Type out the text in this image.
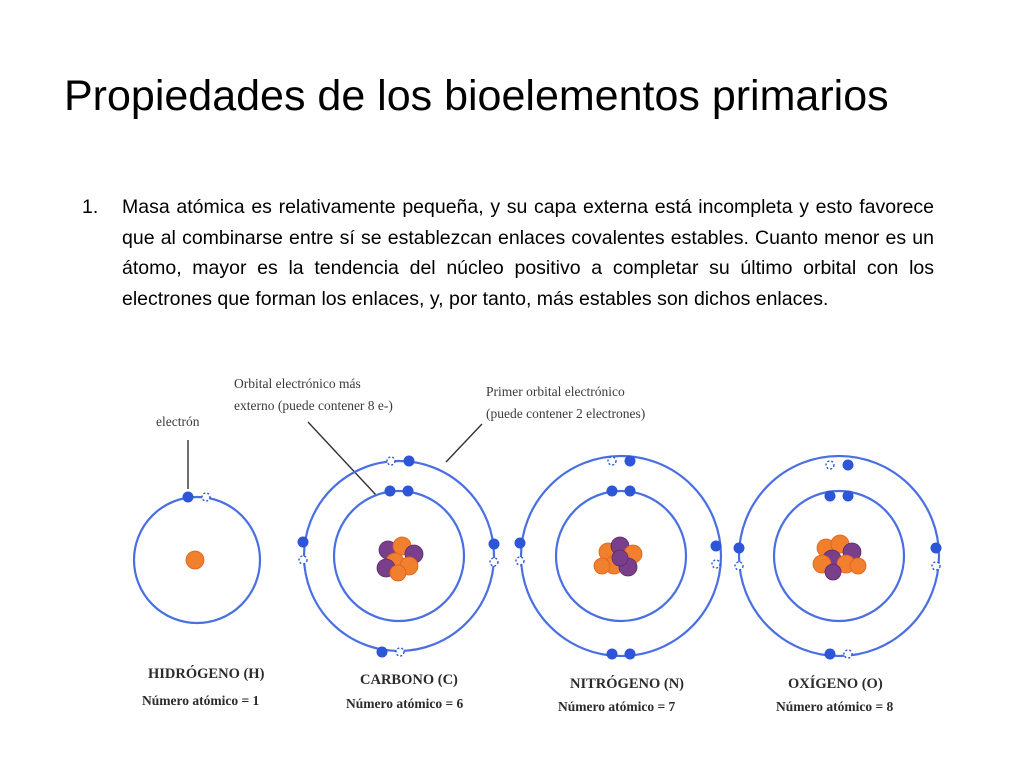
Propiedades de los bioelementos primarios
1. Masa atómica es relativamente pequeña, y su capa externa está incompleta y esto favorece que al combinarse entre sí se establezcan enlaces covalentes estables. Cuanto menor es un átomo, mayor es la tendencia del núcleo positivo a completar su último orbital con los electrones que forman los enlaces, y, por tanto, más estables son dichos enlaces.
electrón
Orbital electrónico más
externo (puede contener 8 e-)
Primer orbital electrónico
(puede contener 2 electrones)
HIDRÓGENO (H)
Número atómico = 1
CARBONO (C)
Número atómico = 6
NITRÓGENO (N)
Número atómico = 7
OXÍGENO (O)
Número atómico = 8
